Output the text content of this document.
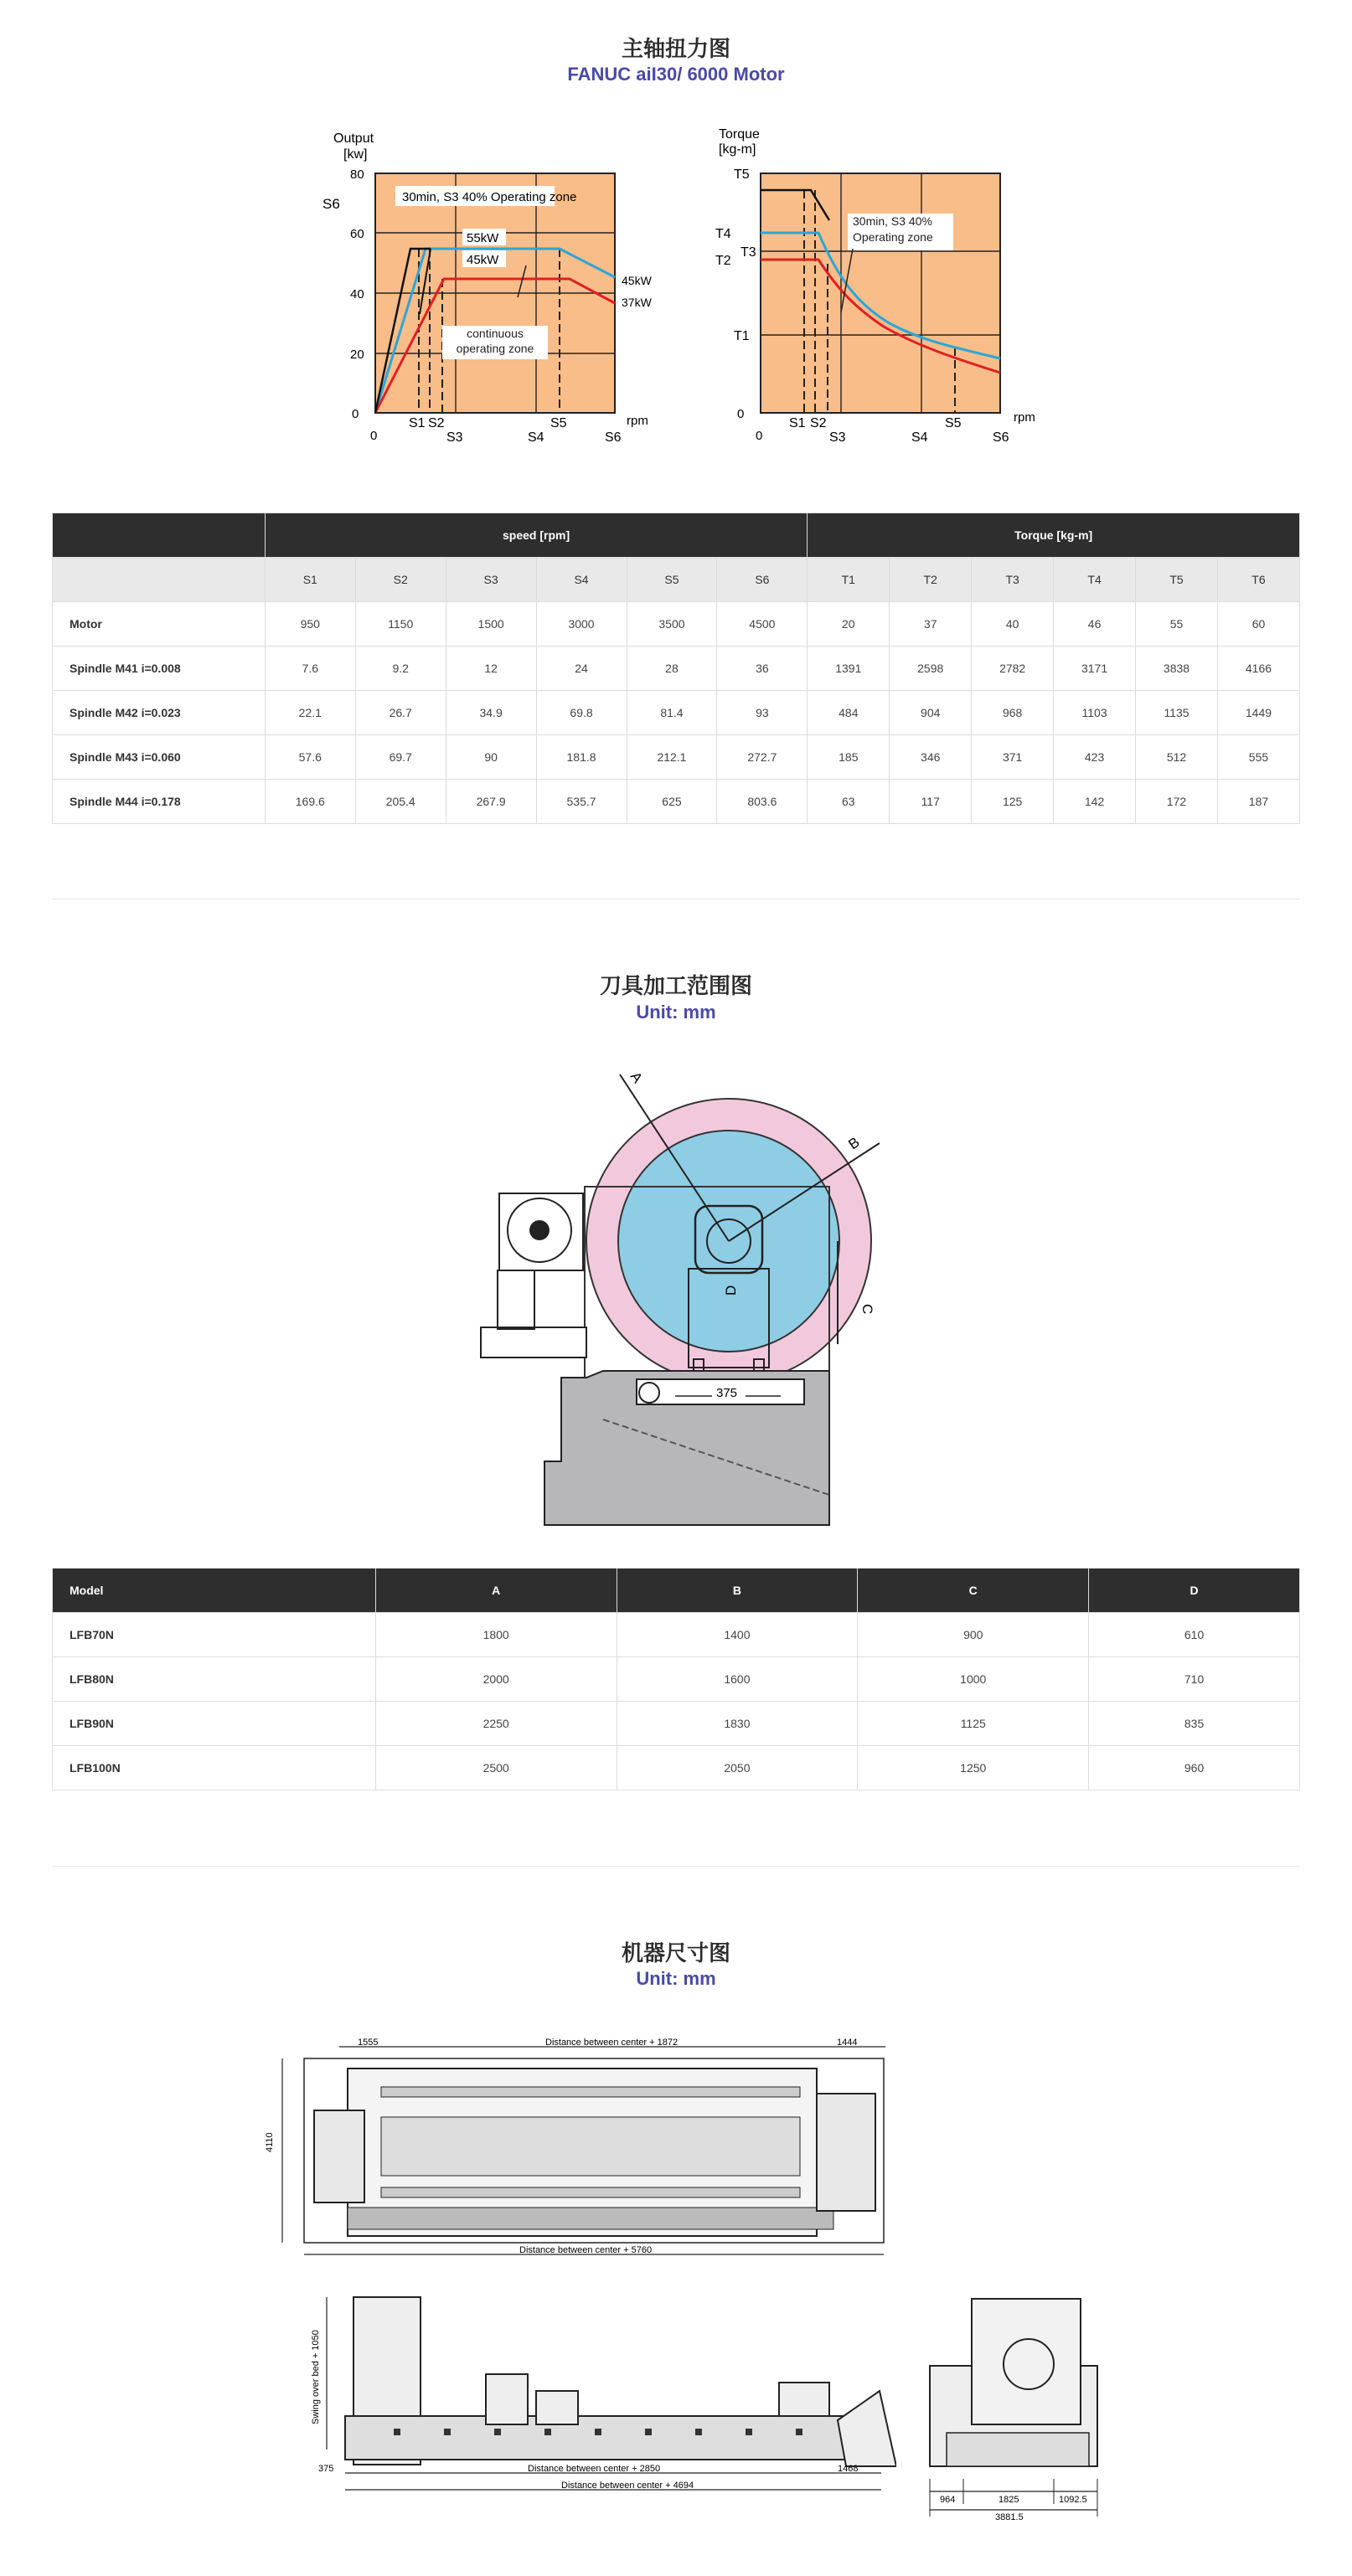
主轴扭力图
FANUC aiI30/ 6000 Motor
Output
[kw]
30min, S3 40% Operating zone
55kW
45kW
continuous operating zone
45kW
37kW
S6
0
20
40
60
80
0
S1 S2
S3	S4
S5
S6
rpm
Torque
[kg-m]
30min, S3 40% Operating zone
0
T1
T2
T3
T4
T5
0
S1 S2
S3	S4
S5
S6
rpm
	speed [rpm]						Torque [kg-m]					
	S1	S2	S3	S4	S5	S6	T1	T2	T3	T4	T5	T6
Motor	950	1150	1500	3000	3500	4500	20	37	40	46	55	60
Spindle M41 i=0.008	7.6	9.2	12	24	28	36	1391	2598	2782	3171	3838	4166
Spindle M42 i=0.023	22.1	26.7	34.9	69.8	81.4	93	484	904	968	1103	1135	1449
Spindle M43 i=0.060	57.6	69.7	90	181.8	212.1	272.7	185	346	371	423	512	555
Spindle M44 i=0.178	169.6	205.4	267.9	535.7	625	803.6	63	117	125	142	172	187
刀具加工范围图
Unit: mm
A
B
C
D
375
Model	A	B	C	D
LFB70N	1800	1400	900	610
LFB80N	2000	1600	1000	710
LFB90N	2250	1830	1125	835
LFB100N	2500	2050	1250	960
机器尺寸图
Unit: mm
1555	Distance between center + 1872	1444
4110
Distance between center + 5760
Swing over bed + 1050
375	Distance between center + 2850	1468
Distance between center + 4694
964	1825	1092.5
3881.5
